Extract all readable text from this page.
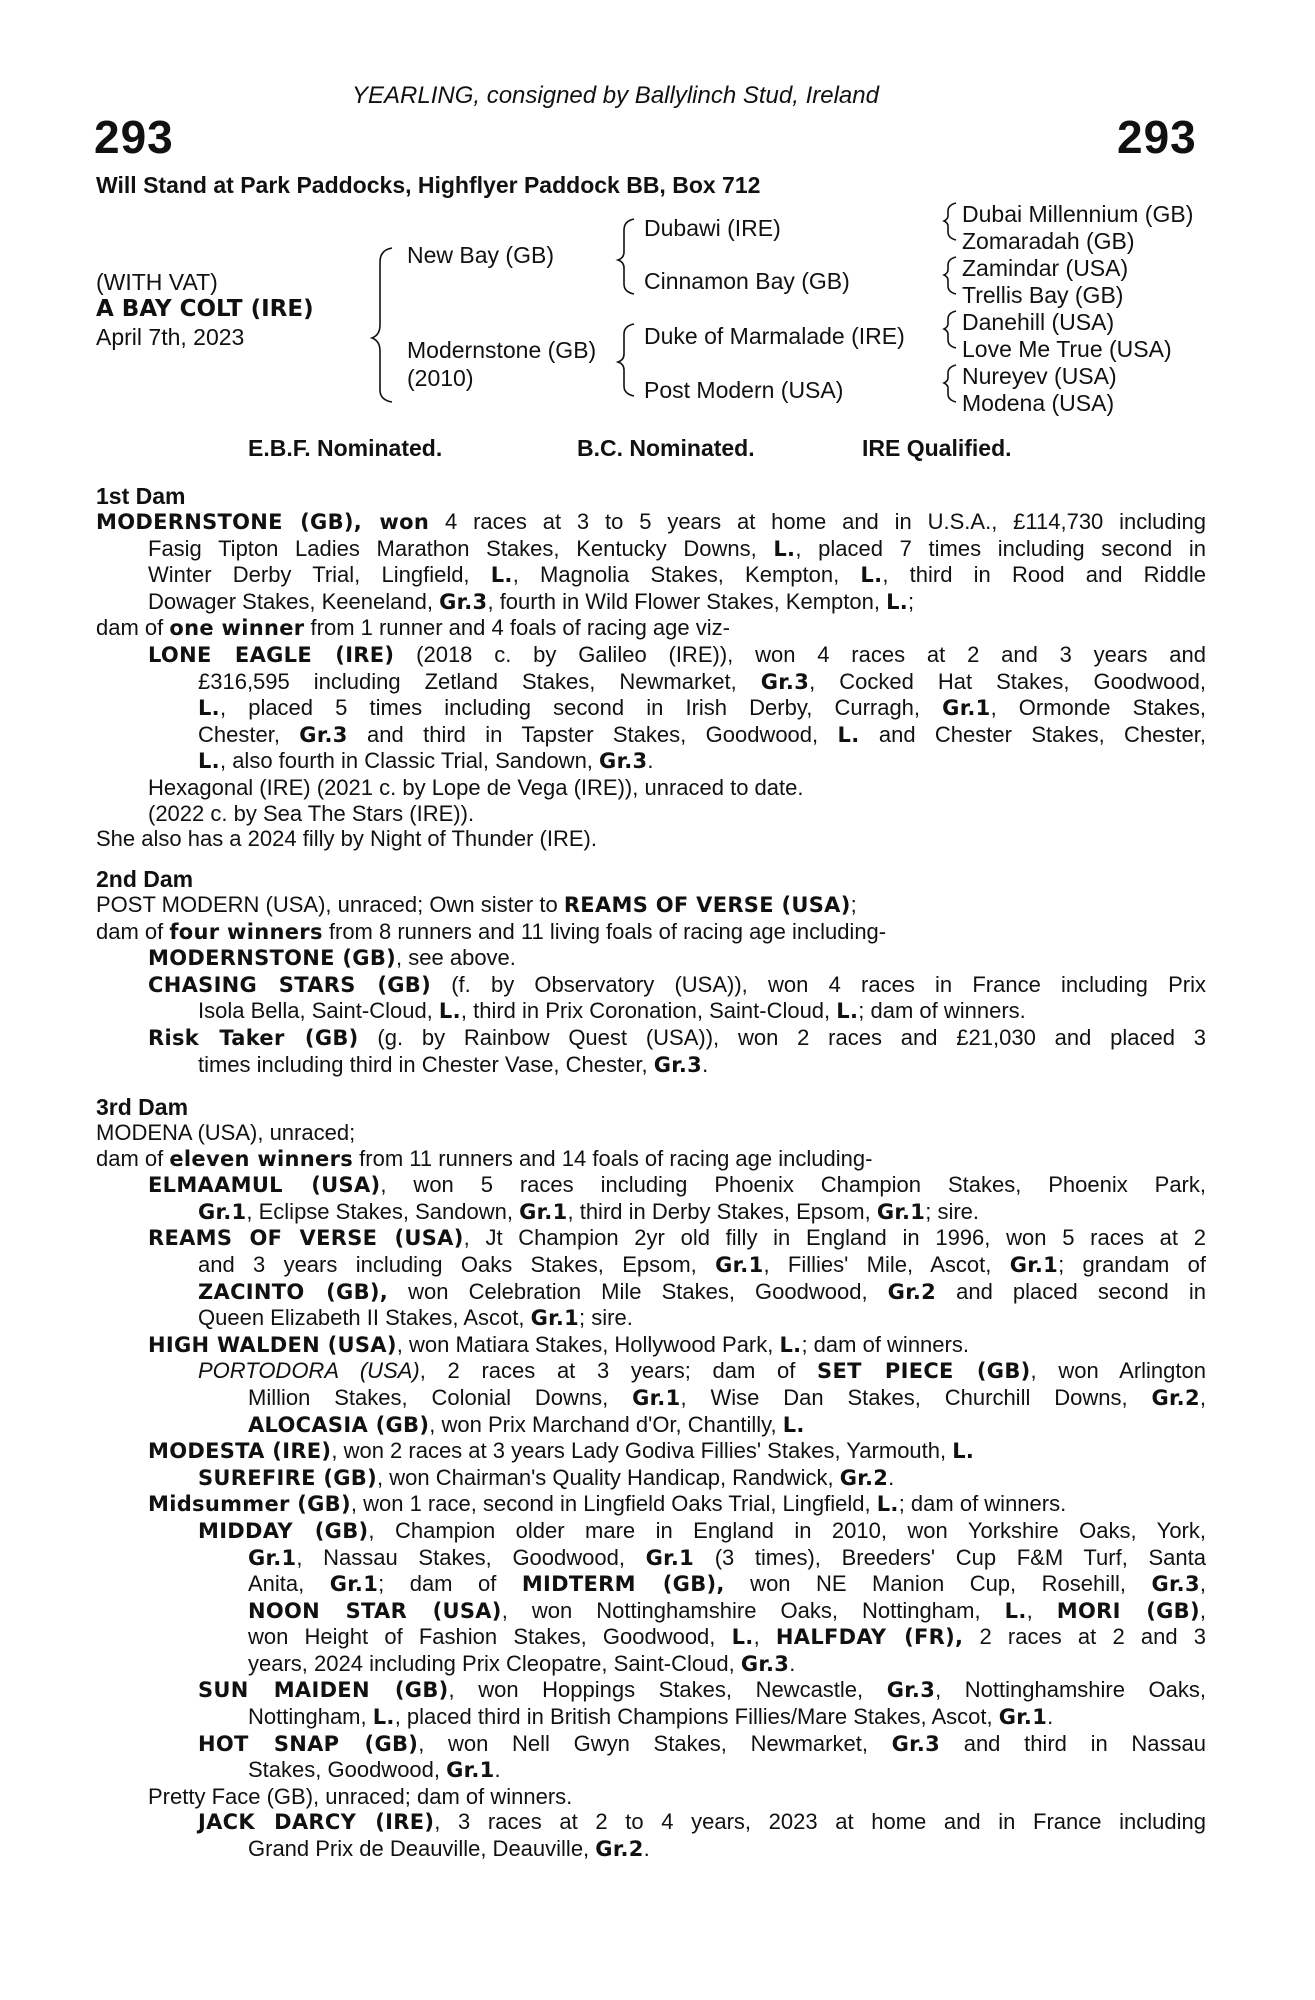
YEARLING, consigned by Ballylinch Stud, Ireland
293	293
Will Stand at Park Paddocks, Highflyer Paddock BB, Box 712
(WITH VAT)
A BAY COLT (IRE)
April 7th, 2023
New Bay (GB)
Modernstone (GB)
(2010)
Dubawi (IRE)
Cinnamon Bay (GB)
Duke of Marmalade (IRE)
Post Modern (USA)
Dubai Millennium (GB)
Zomaradah (GB)
Zamindar (USA)
Trellis Bay (GB)
Danehill (USA)
Love Me True (USA)
Nureyev (USA)
Modena (USA)
E.B.F. Nominated.	B.C. Nominated.	IRE Qualified.
1st Dam
MODERNSTONE (GB), won 4 races at 3 to 5 years at home and in U.S.A., £114,730 including
Fasig Tipton Ladies Marathon Stakes, Kentucky Downs, L., placed 7 times including second in
Winter Derby Trial, Lingfield, L., Magnolia Stakes, Kempton, L., third in Rood and Riddle
Dowager Stakes, Keeneland, Gr.3, fourth in Wild Flower Stakes, Kempton, L.;
dam of one winner from 1 runner and 4 foals of racing age viz-
LONE EAGLE (IRE) (2018 c. by Galileo (IRE)), won 4 races at 2 and 3 years and
£316,595 including Zetland Stakes, Newmarket, Gr.3, Cocked Hat Stakes, Goodwood,
L., placed 5 times including second in Irish Derby, Curragh, Gr.1, Ormonde Stakes,
Chester, Gr.3 and third in Tapster Stakes, Goodwood, L. and Chester Stakes, Chester,
L., also fourth in Classic Trial, Sandown, Gr.3.
Hexagonal (IRE) (2021 c. by Lope de Vega (IRE)), unraced to date.
(2022 c. by Sea The Stars (IRE)).
She also has a 2024 filly by Night of Thunder (IRE).
2nd Dam
POST MODERN (USA), unraced; Own sister to REAMS OF VERSE (USA);
dam of four winners from 8 runners and 11 living foals of racing age including-
MODERNSTONE (GB), see above.
CHASING STARS (GB) (f. by Observatory (USA)), won 4 races in France including Prix
Isola Bella, Saint-Cloud, L., third in Prix Coronation, Saint-Cloud, L.; dam of winners.
Risk Taker (GB) (g. by Rainbow Quest (USA)), won 2 races and £21,030 and placed 3
times including third in Chester Vase, Chester, Gr.3.
3rd Dam
MODENA (USA), unraced;
dam of eleven winners from 11 runners and 14 foals of racing age including-
ELMAAMUL (USA), won 5 races including Phoenix Champion Stakes, Phoenix Park,
Gr.1, Eclipse Stakes, Sandown, Gr.1, third in Derby Stakes, Epsom, Gr.1; sire.
REAMS OF VERSE (USA), Jt Champion 2yr old filly in England in 1996, won 5 races at 2
and 3 years including Oaks Stakes, Epsom, Gr.1, Fillies' Mile, Ascot, Gr.1; grandam of
ZACINTO (GB), won Celebration Mile Stakes, Goodwood, Gr.2 and placed second in
Queen Elizabeth II Stakes, Ascot, Gr.1; sire.
HIGH WALDEN (USA), won Matiara Stakes, Hollywood Park, L.; dam of winners.
PORTODORA (USA), 2 races at 3 years; dam of SET PIECE (GB), won Arlington
Million Stakes, Colonial Downs, Gr.1, Wise Dan Stakes, Churchill Downs, Gr.2,
ALOCASIA (GB), won Prix Marchand d'Or, Chantilly, L.
MODESTA (IRE), won 2 races at 3 years Lady Godiva Fillies' Stakes, Yarmouth, L.
SUREFIRE (GB), won Chairman's Quality Handicap, Randwick, Gr.2.
Midsummer (GB), won 1 race, second in Lingfield Oaks Trial, Lingfield, L.; dam of winners.
MIDDAY (GB), Champion older mare in England in 2010, won Yorkshire Oaks, York,
Gr.1, Nassau Stakes, Goodwood, Gr.1 (3 times), Breeders' Cup F&M Turf, Santa
Anita, Gr.1; dam of MIDTERM (GB), won NE Manion Cup, Rosehill, Gr.3,
NOON STAR (USA), won Nottinghamshire Oaks, Nottingham, L., MORI (GB),
won Height of Fashion Stakes, Goodwood, L., HALFDAY (FR), 2 races at 2 and 3
years, 2024 including Prix Cleopatre, Saint-Cloud, Gr.3.
SUN MAIDEN (GB), won Hoppings Stakes, Newcastle, Gr.3, Nottinghamshire Oaks,
Nottingham, L., placed third in British Champions Fillies/Mare Stakes, Ascot, Gr.1.
HOT SNAP (GB), won Nell Gwyn Stakes, Newmarket, Gr.3 and third in Nassau
Stakes, Goodwood, Gr.1.
Pretty Face (GB), unraced; dam of winners.
JACK DARCY (IRE), 3 races at 2 to 4 years, 2023 at home and in France including
Grand Prix de Deauville, Deauville, Gr.2.
